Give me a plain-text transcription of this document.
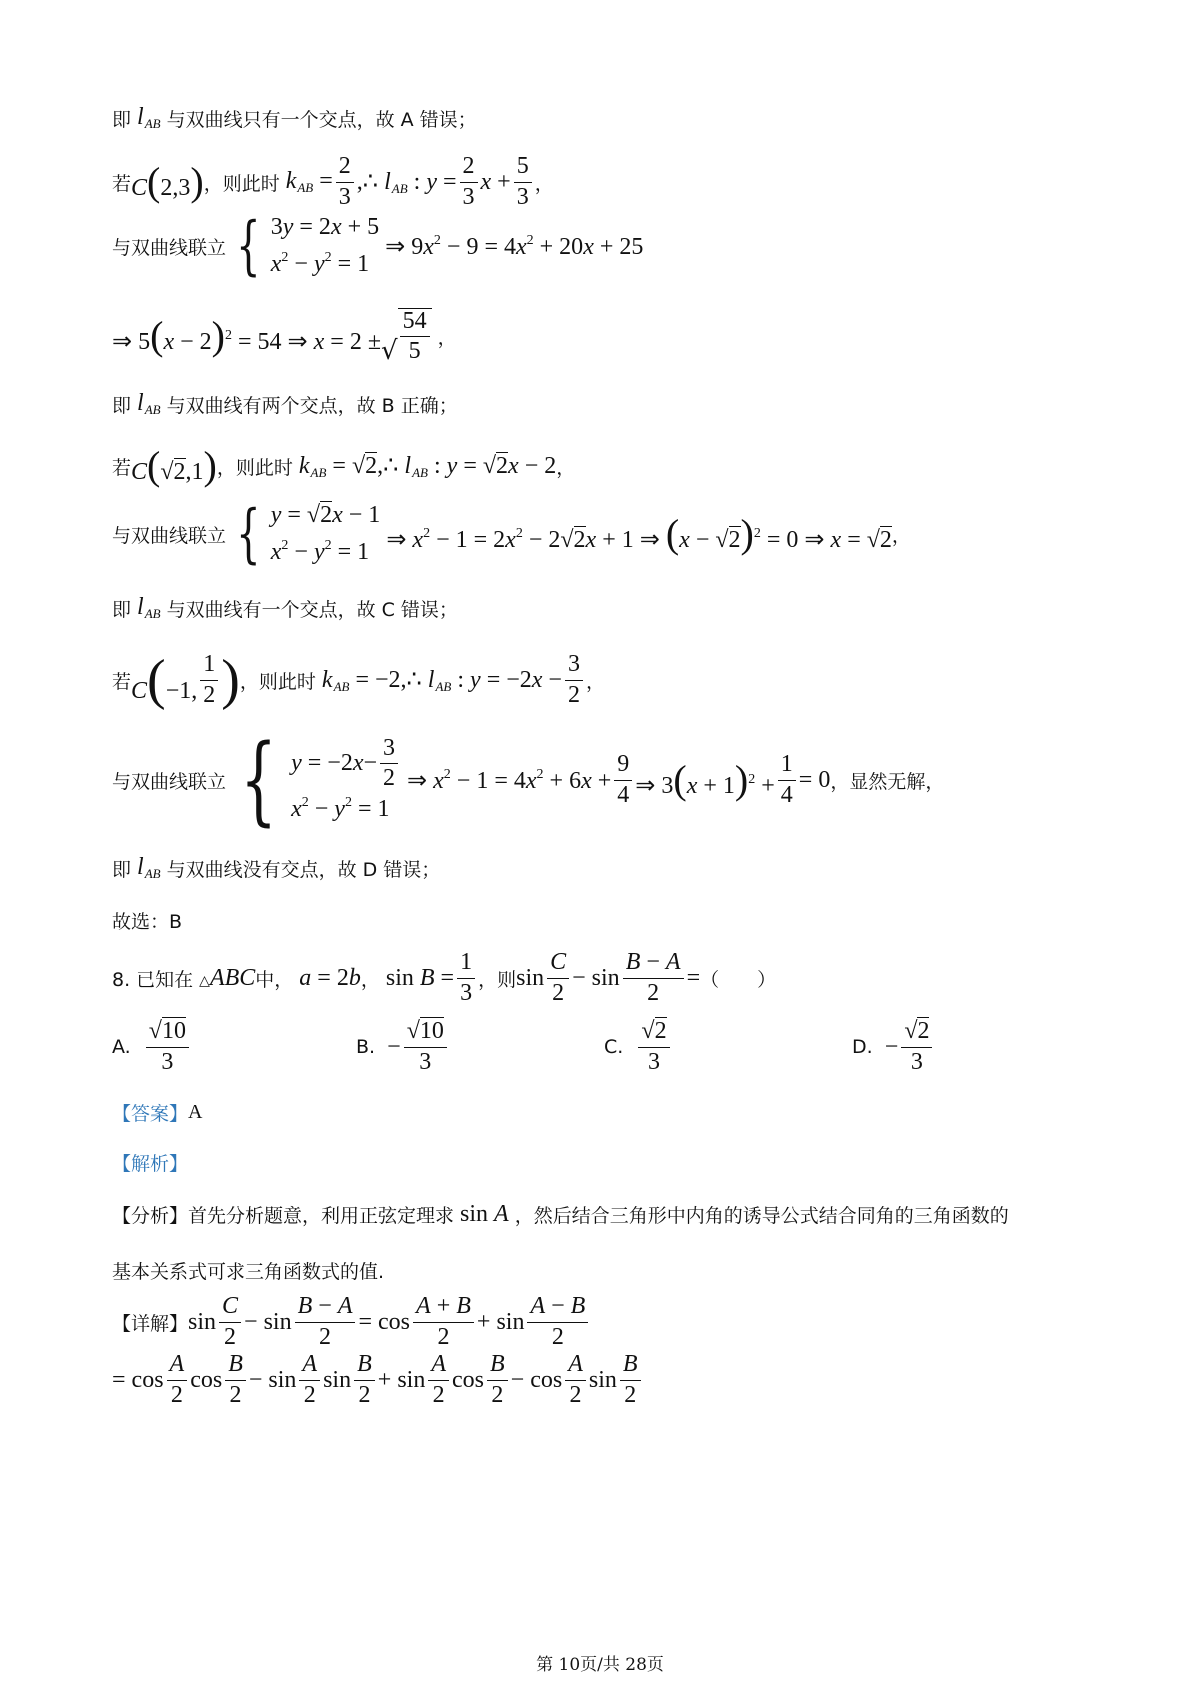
即 $l_{AB}$ 与双曲线只有一个交点，故 A 错误；
若 C(2,3) ，则此时 $k_{AB} = \frac{2}{3}$ ,∴ $l_{AB}$ : $y = \frac{2}{3}$ $x + \frac{5}{3}$ ，
与双曲线联立 { 3y = 2x + 5
$x^2 - y^2 = 1$
⇒ $9x^2 - 9 = 4x^2 + 20x + 25$
⇒ $5(x - 2)^2 = 54$ ⇒ x = 2 ± √ $\frac{54}{5}$ ，
即 $l_{AB}$ 与双曲线有两个交点，故 B 正确；
若 C(√2,1) ，则此时 $k_{AB}$ = √2,∴ $l_{AB}$ : y = √2x − 2 ，
与双曲线联立 { y = √2x − 1
$x^2 - y^2 = 1$ ⇒ $x^2 - 1 = 2x^2 - 2√2x + 1$ ⇒ $(x - √2)^2 = 0$ ⇒ x = √2 ，
即 $l_{AB}$ 与双曲线有一个交点，故 C 错误；
若 C(−1, $\frac{1}{2}$ ) ，则此时 $k_{AB}$ = −2,∴ $l_{AB}$ : $y = -2x - \frac{3}{2}$ ，
与双曲线联立 { y = −2 $x - \frac{3}{2}$
$x^2 - y^2 = 1$
⇒ $x^2 - 1 = 4x^2 + 6x + \frac{9}{4}$ ⇒ $3(x + 1)^2 + \frac{1}{4} = 0$ ，显然无解，
即 $l_{AB}$ 与双曲线没有交点，故 D 错误；
故选：B
8. 已知在 △ABC 中， a = 2b ， $\sin B = \frac{1}{3}$ ，则 $\sin \frac{C}{2} - \sin \frac{B - A}{2}$ = （　　）
A.
$\frac{√10}{3}$	B.
− $\frac{√10}{3}$	C.
$\frac{√2}{3}$	D.
− $\frac{√2}{3}$
【答案】 A
【解析】
【分析】 首先分析题意，利用正弦定理求 sin A ，然后结合三角形中内角的诱导公式结合同角的三角函数的
基本关系式可求三角函数式的值.
【详解】 $\sin \frac{C}{2} - \sin \frac{B - A}{2} = \cos \frac{A + B}{2} + \sin \frac{A - B}{2}$
= $\cos \frac{A}{2}$ $\cos \frac{B}{2} - \sin \frac{A}{2}$ $\sin \frac{B}{2} + \sin \frac{A}{2}$ $\cos \frac{B}{2} - \cos \frac{A}{2}$ $\sin \frac{B}{2}$
第 10页/共 28页
